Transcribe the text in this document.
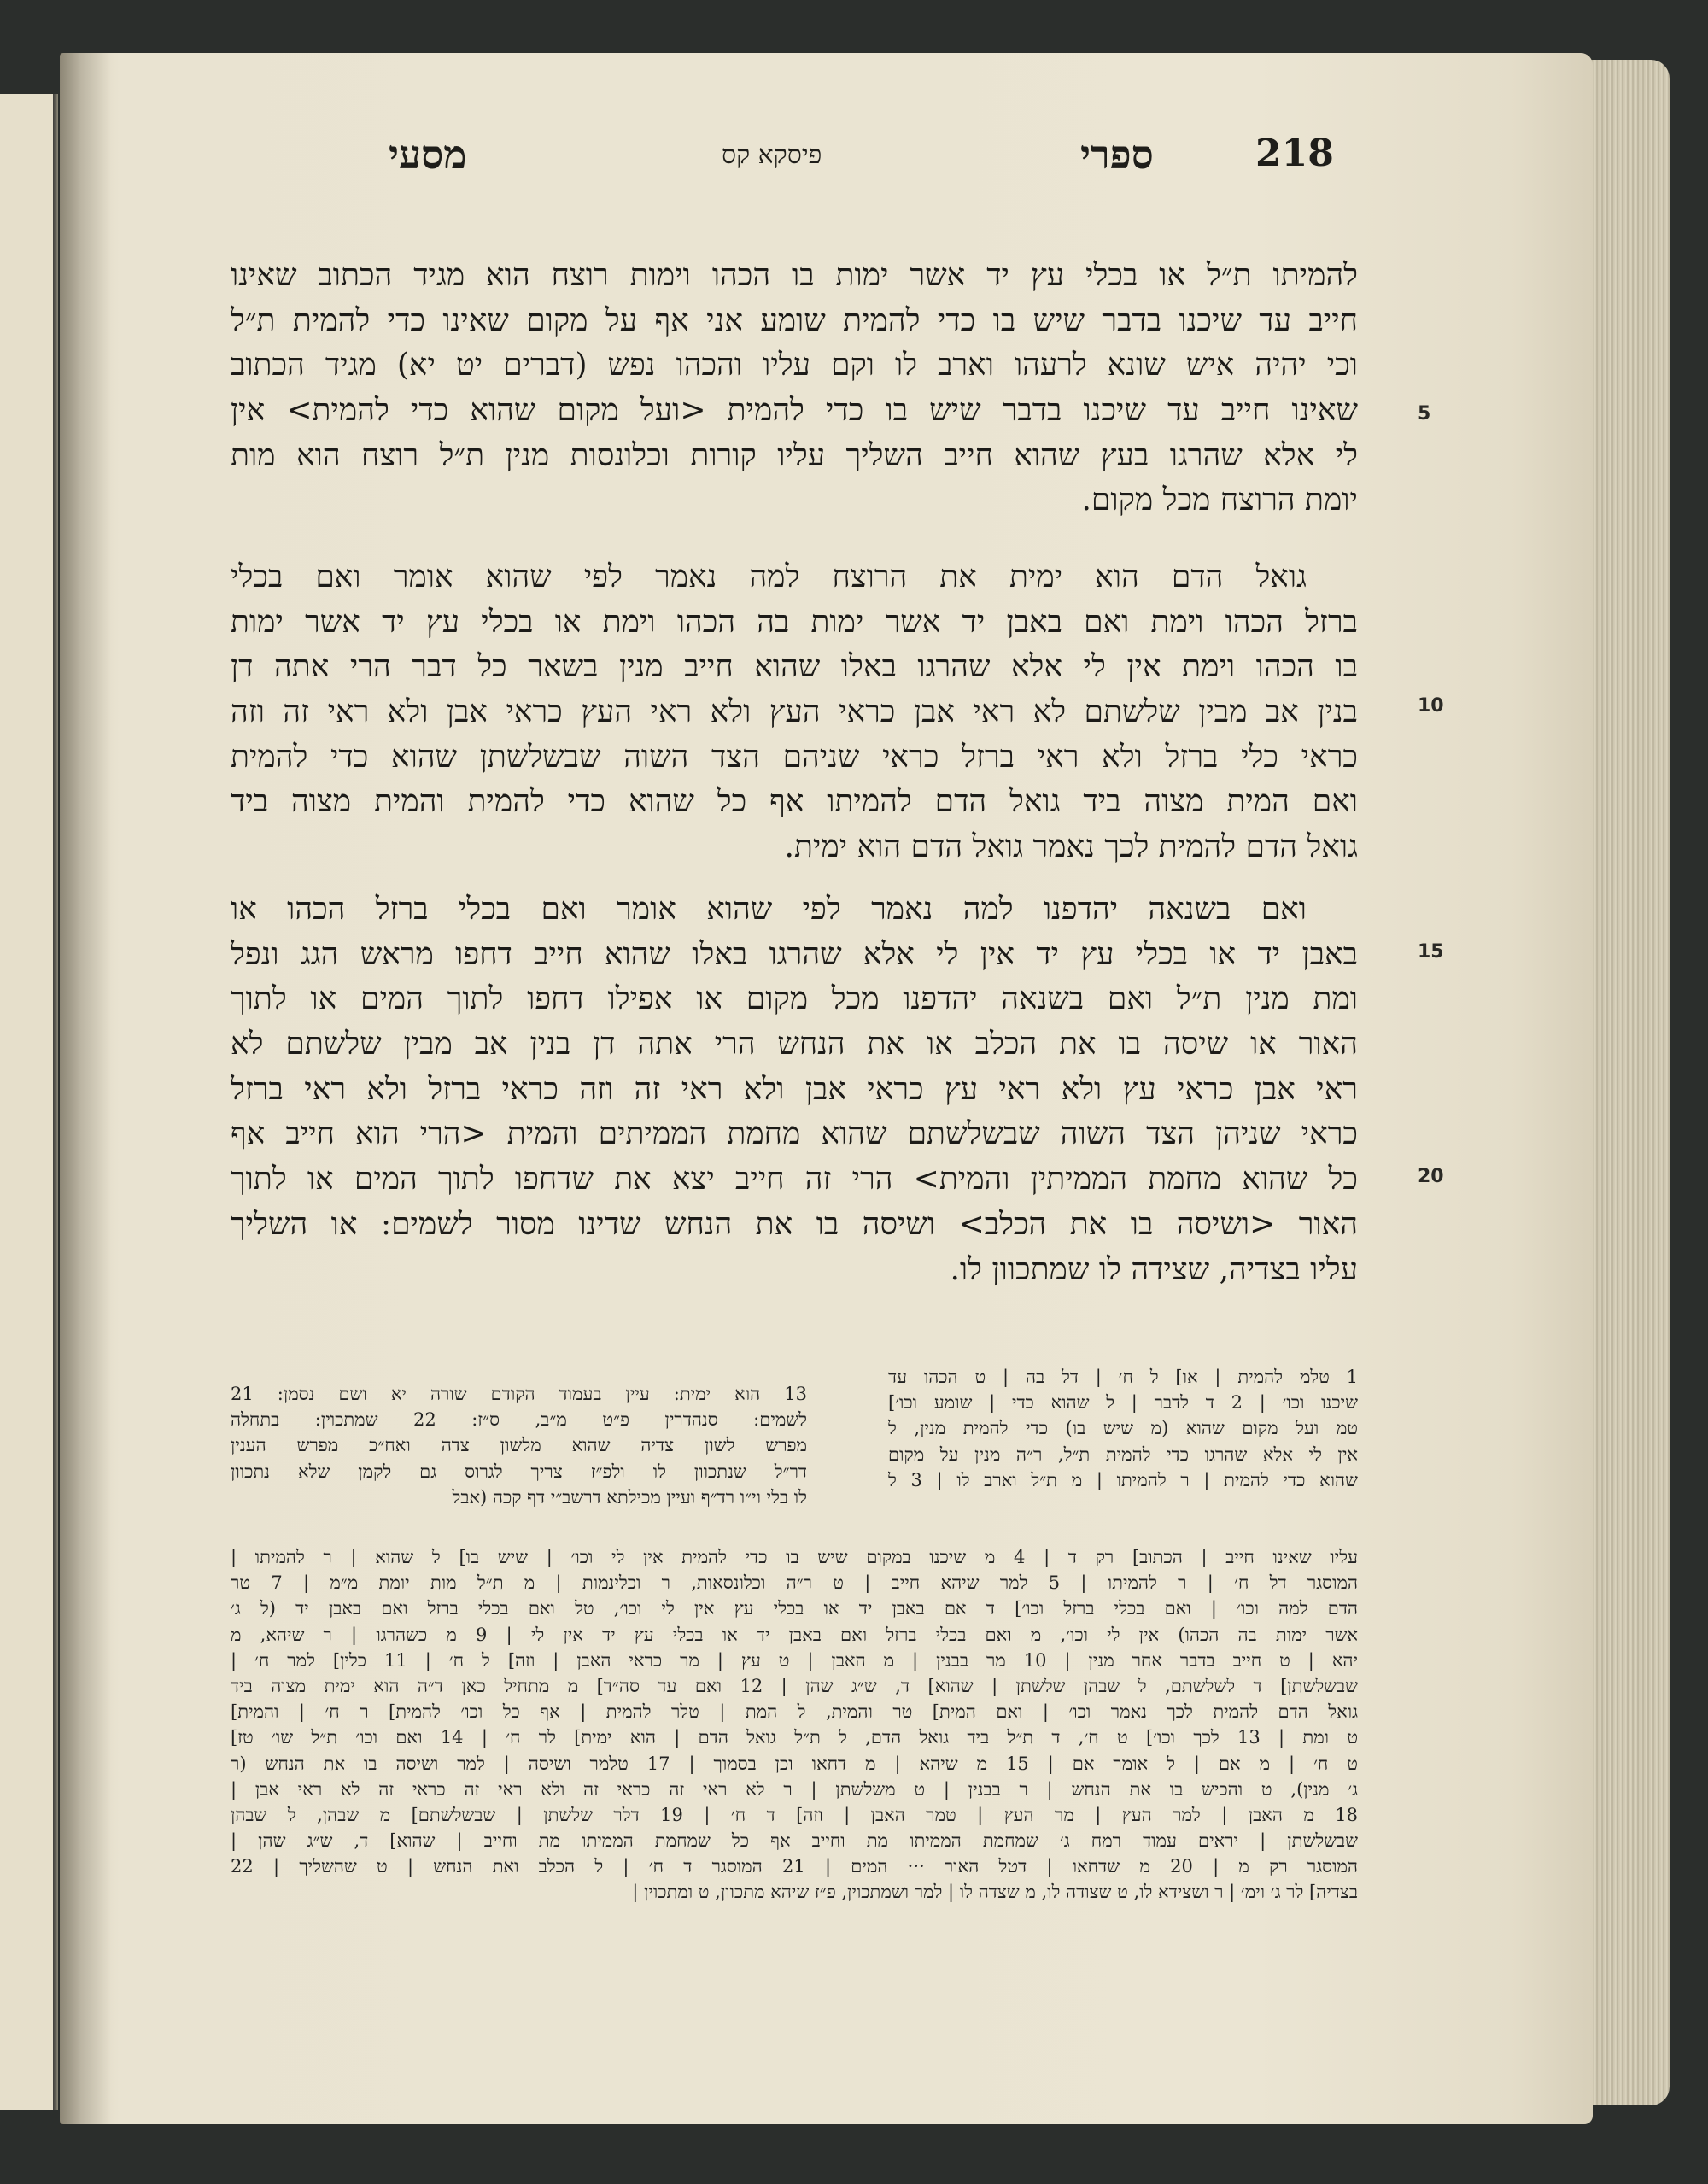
218
ספרי
פיסקא קס
מסעי
להמיתו ת״ל או בכלי עץ יד אשר ימות בו הכהו וימות רוצח הוא מגיד הכתוב שאינו
חייב עד שיכנו בדבר שיש בו כדי להמית שומע אני אף על מקום שאינו כדי להמית ת״ל
וכי יהיה איש שונא לרעהו וארב לו וקם עליו והכהו נפש (דברים יט יא) מגיד הכתוב
שאינו חייב עד שיכנו בדבר שיש בו כדי להמית <ועל מקום שהוא כדי להמית> אין
לי אלא שהרגו בעץ שהוא חייב השליך עליו קורות וכלונסות מנין ת״ל רוצח הוא מות
יומת הרוצח מכל מקום.
גואל הדם הוא ימית את הרוצח למה נאמר לפי שהוא אומר ואם בכלי
ברזל הכהו וימת ואם באבן יד אשר ימות בה הכהו וימת או בכלי עץ יד אשר ימות
בו הכהו וימת אין לי אלא שהרגו באלו שהוא חייב מנין בשאר כל דבר הרי אתה דן
בנין אב מבין שלשתם לא ראי אבן כראי העץ ולא ראי העץ כראי אבן ולא ראי זה וזה
כראי כלי ברזל ולא ראי ברזל כראי שניהם הצד השוה שבשלשתן שהוא כדי להמית
ואם המית מצוה ביד גואל הדם להמיתו אף כל שהוא כדי להמית והמית מצוה ביד
גואל הדם להמית לכך נאמר גואל הדם הוא ימית.
ואם בשנאה יהדפנו למה נאמר לפי שהוא אומר ואם בכלי ברזל הכהו או
באבן יד או בכלי עץ יד אין לי אלא שהרגו באלו שהוא חייב דחפו מראש הגג ונפל
ומת מנין ת״ל ואם בשנאה יהדפנו מכל מקום או אפילו דחפו לתוך המים או לתוך
האור או שיסה בו את הכלב או את הנחש הרי אתה דן בנין אב מבין שלשתם לא
ראי אבן כראי עץ ולא ראי עץ כראי אבן ולא ראי זה וזה כראי ברזל ולא ראי ברזל
כראי שניהן הצד השוה שבשלשתם שהוא מחמת הממיתים והמית <הרי הוא חייב אף
כל שהוא מחמת הממיתין והמית> הרי זה חייב יצא את שדחפו לתוך המים או לתוך
האור <ושיסה בו את הכלב> ושיסה בו את הנחש שדינו מסור לשמים: או השליך
עליו בצדיה, שצידה לו שמתכוון לו.
5
10
15
20
1 טלמ להמית | או] ל ח׳ | דל בה | ט הכהו עד
שיכנו וכו׳ | 2 ד לדבר | ל שהוא כדי | שומע וכו׳]
טמ ועל מקום שהוא (מ שיש בו) כדי להמית מנין, ל
אין לי אלא שהרגו כדי להמית ת״ל, ר״ה מנין על מקום
שהוא כדי להמית | ר להמיתו | מ ת״ל וארב לו | 3 ל
13 הוא ימית: עיין בעמוד הקודם שורה יא ושם נסמן: 21
לשמים: סנהדרין פ״ט מ״ב, ס״ז: 22 שמתכוין: בתחלה
מפרש לשון צדיה שהוא מלשון צדה ואח״כ מפרש הענין
דר״ל שנתכוון לו ולפ״ז צריך לגרוס גם לקמן שלא נתכוון
לו בלי וי״ו רד״ף ועיין מכילתא דרשב״י דף קכה (אבל
עליו שאינו חייב | הכתוב] רק ד | 4 מ שיכנו במקום שיש בו כדי להמית אין לי וכו׳ | שיש בו] ל שהוא | ר להמיתו |
המוסגר דל ח׳ | ר להמיתו | 5 למר שיהא חייב | ט ר״ה וכלונסאות, ר וכלינמות | מ ת״ל מות יומת מ״מ | 7 טר
הדם למה וכו׳ | ואם בכלי ברזל וכו׳] ד אם באבן יד או בכלי עץ אין לי וכו׳, טל ואם בכלי ברזל ואם באבן יד (ל ג׳
אשר ימות בה הכהו) אין לי וכו׳, מ ואם בכלי ברזל ואם באבן יד או בכלי עץ יד אין לי | 9 מ כשהרגו | ר שיהא, מ
יהא | ט חייב בדבר אחר מנין | 10 מר בבנין | מ האבן | ט עץ | מר כראי האבן | וזה] ל ח׳ | 11 כלין] למר ח׳ |
שבשלשתן] ד לשלשתם, ל שבהן שלשתן | שהוא] ד, ש״ג שהן | 12 ואם עד סה״ד] מ מתחיל כאן ד״ה הוא ימית מצוה ביד
גואל הדם להמית לכך נאמר וכו׳ | ואם המית] טר והמית, ל המת | טלר להמית | אף כל וכו׳ להמית] ר ח׳ | והמית]
ט ומת | 13 לכך וכו׳] ט ח׳, ד ת״ל ביד גואל הדם, ל ת״ל גואל הדם | הוא ימית] לר ח׳ | 14 ואם וכו׳ ת״ל שו׳ טז]
ט ח׳ | מ אם | ל אומר אם | 15 מ שיהא | מ דחאו וכן בסמוך | 17 טלמר ושיסה | למר ושיסה בו את הנחש (ר
ג׳ מנין), ט והכיש בו את הנחש | ר בבנין | ט משלשתן | ר לא ראי זה כראי זה ולא ראי זה כראי זה לא ראי אבן |
18 מ האבן | למר העץ | מר העץ | טמר האבן | וזה] ד ח׳ | 19 דלר שלשתן | שבשלשתם] מ שבהן, ל שבהן
שבשלשתן | יראים עמוד רמח ג׳ שמחמת הממיתו מת וחייב אף כל שמחמת הממיתו מת וחייב | שהוא] ד, ש״ג שהן |
המוסגר רק מ | 20 מ שדחאו | דטל האור ··· המים | 21 המוסגר ד ח׳ | ל הכלב ואת הנחש | ט שהשליך | 22
בצדיה] לר ג׳ וימ׳ | ר ושצידא לו, ט שצודה לו, מ שצדה לו | למר ושמתכוין, פ״ז שיהא מתכוון, ט ומתכוין |
